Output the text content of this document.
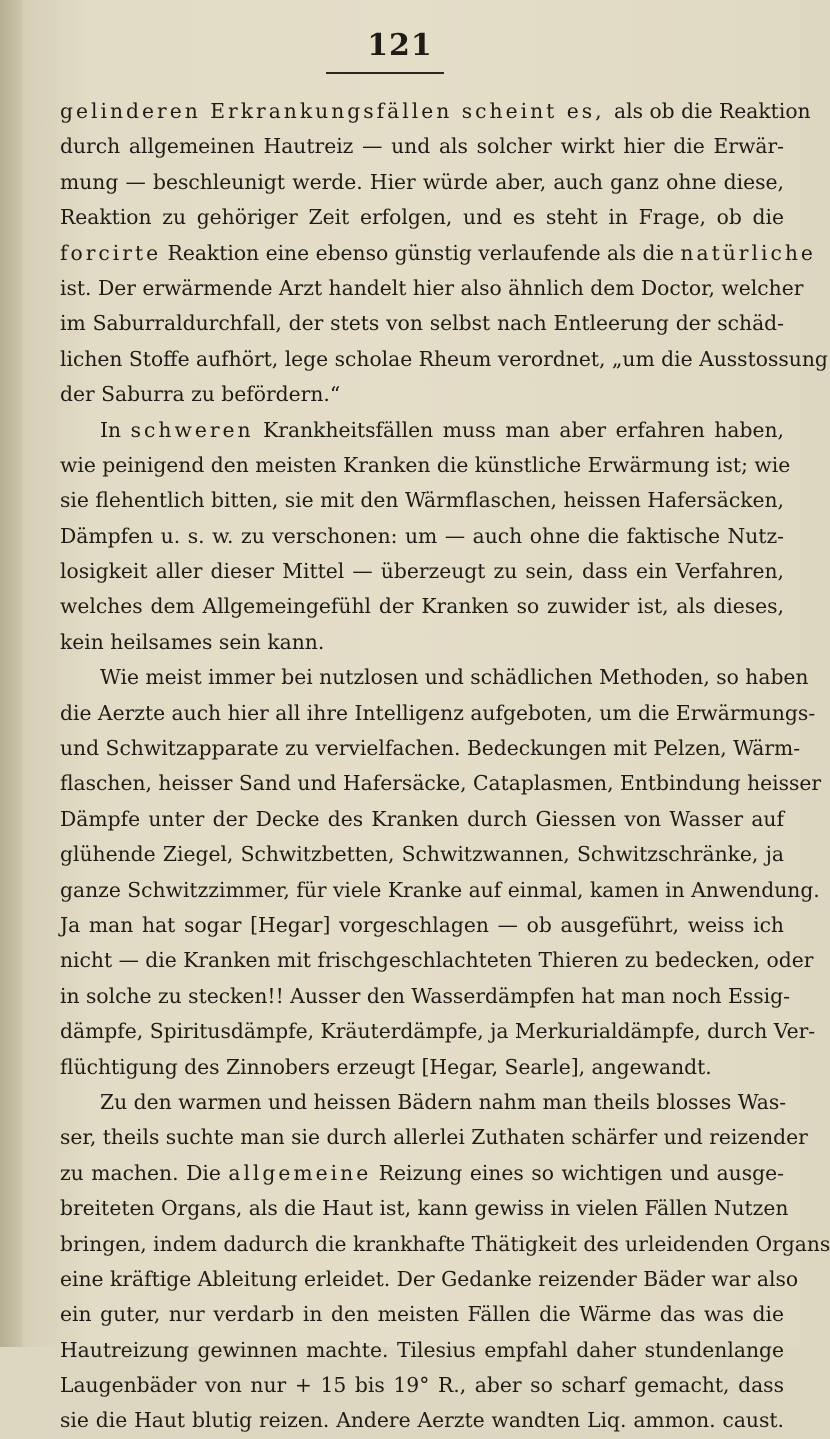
121
gelinderen Erkrankungsfällen scheint es, als ob die Reaktion
durch allgemeinen Hautreiz — und als solcher wirkt hier die Erwär-
mung — beschleunigt werde. Hier würde aber, auch ganz ohne diese,
Reaktion zu gehöriger Zeit erfolgen, und es steht in Frage, ob die
forcirte Reaktion eine ebenso günstig verlaufende als die natürliche
ist. Der erwärmende Arzt handelt hier also ähnlich dem Doctor, welcher
im Saburraldurchfall, der stets von selbst nach Entleerung der schäd-
lichen Stoffe aufhört, lege scholae Rheum verordnet, „um die Ausstossung
der Saburra zu befördern.“
In schweren Krankheitsfällen muss man aber erfahren haben,
wie peinigend den meisten Kranken die künstliche Erwärmung ist; wie
sie flehentlich bitten, sie mit den Wärmflaschen, heissen Hafersäcken,
Dämpfen u. s. w. zu verschonen: um — auch ohne die faktische Nutz-
losigkeit aller dieser Mittel — überzeugt zu sein, dass ein Verfahren,
welches dem Allgemeingefühl der Kranken so zuwider ist, als dieses,
kein heilsames sein kann.
Wie meist immer bei nutzlosen und schädlichen Methoden, so haben
die Aerzte auch hier all ihre Intelligenz aufgeboten, um die Erwärmungs-
und Schwitzapparate zu vervielfachen. Bedeckungen mit Pelzen, Wärm-
flaschen, heisser Sand und Hafersäcke, Cataplasmen, Entbindung heisser
Dämpfe unter der Decke des Kranken durch Giessen von Wasser auf
glühende Ziegel, Schwitzbetten, Schwitzwannen, Schwitzschränke, ja
ganze Schwitzzimmer, für viele Kranke auf einmal, kamen in Anwendung.
Ja man hat sogar [Hegar] vorgeschlagen — ob ausgeführt, weiss ich
nicht — die Kranken mit frischgeschlachteten Thieren zu bedecken, oder
in solche zu stecken!! Ausser den Wasserdämpfen hat man noch Essig-
dämpfe, Spiritusdämpfe, Kräuterdämpfe, ja Merkurialdämpfe, durch Ver-
flüchtigung des Zinnobers erzeugt [Hegar, Searle], angewandt.
Zu den warmen und heissen Bädern nahm man theils blosses Was-
ser, theils suchte man sie durch allerlei Zuthaten schärfer und reizender
zu machen. Die allgemeine Reizung eines so wichtigen und ausge-
breiteten Organs, als die Haut ist, kann gewiss in vielen Fällen Nutzen
bringen, indem dadurch die krankhafte Thätigkeit des urleidenden Organs
eine kräftige Ableitung erleidet. Der Gedanke reizender Bäder war also
ein guter, nur verdarb in den meisten Fällen die Wärme das was die
Hautreizung gewinnen machte. Tilesius empfahl daher stundenlange
Laugenbäder von nur + 15 bis 19° R., aber so scharf gemacht, dass
sie die Haut blutig reizen. Andere Aerzte wandten Liq. ammon. caust.
